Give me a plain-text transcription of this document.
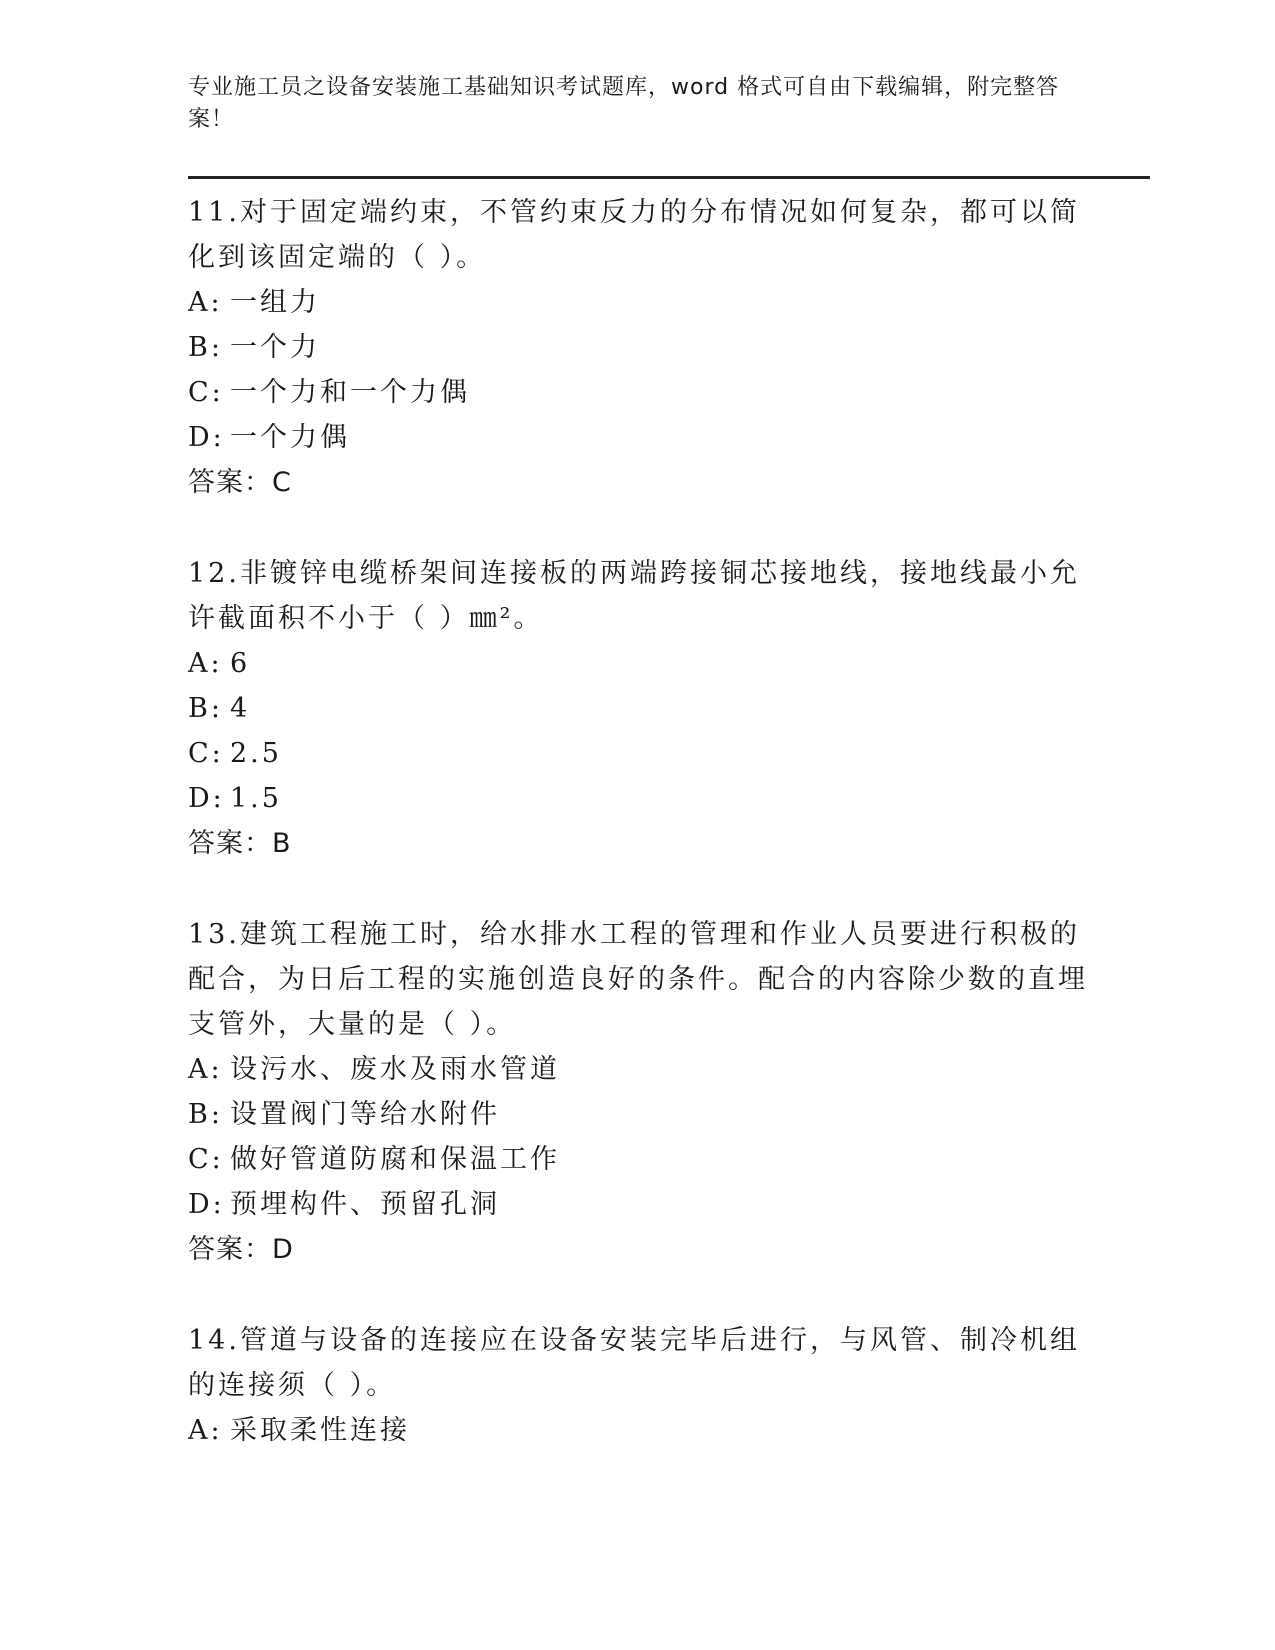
专业施工员之设备安装施工基础知识考试题库，word 格式可自由下载编辑，附完整答案！

11.对于固定端约束，不管约束反力的分布情况如何复杂，都可以简化到该固定端的（ ）。

A: 一组力

B: 一个力

C: 一个力和一个力偶

D: 一个力偶

答案：C

12.非镀锌电缆桥架间连接板的两端跨接铜芯接地线，接地线最小允许截面积不小于（ ）㎜²。

A: 6

B: 4

C: 2.5

D: 1.5

答案：B

13.建筑工程施工时，给水排水工程的管理和作业人员要进行积极的配合，为日后工程的实施创造良好的条件。配合的内容除少数的直埋支管外，大量的是（ ）。

A: 设污水、废水及雨水管道

B: 设置阀门等给水附件

C: 做好管道防腐和保温工作

D: 预埋构件、预留孔洞

答案：D

14.管道与设备的连接应在设备安装完毕后进行，与风管、制冷机组的连接须（ ）。

A: 采取柔性连接
